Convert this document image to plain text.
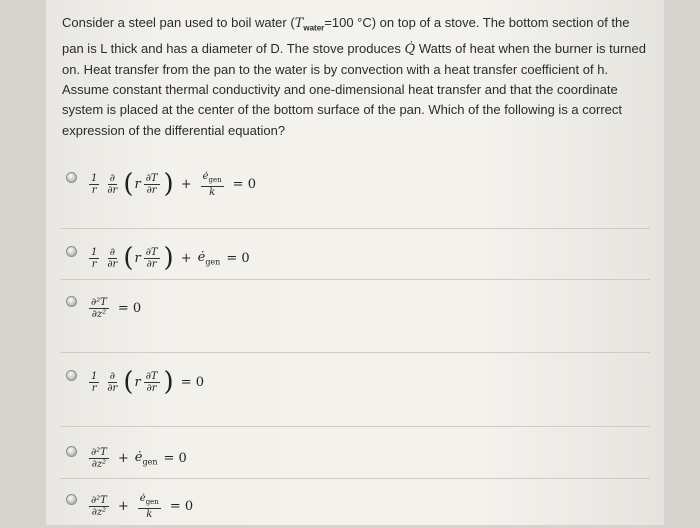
Consider a steel pan used to boil water ($T_{water}=100$ °C) on top of a stove. The bottom section of the pan is L thick and has a diameter of D. The stove produces Q̇ Watts of heat when the burner is turned on. Heat transfer from the pan to the water is by convection with a heat transfer coefficient of h. Assume constant thermal conductivity and one-dimensional heat transfer and that the coordinate system is placed at the center of the bottom surface of the pan. Which of the following is a correct expression of the differential equation?
$\frac{1}{r} \frac{\partial}{\partial r}$ ( r $\frac{\partial T}{\partial r}$ ) + $\frac{ė_{gen}}{k} = 0$
$\frac{1}{r} \frac{\partial}{\partial r}$ ( r $\frac{\partial T}{\partial r}$ ) + $ė_{gen} = 0$
$\frac{\text{∂²T}}{\text{∂z²}} = 0$
$\frac{1}{r} \frac{\partial}{\partial r}$ ( r $\frac{\partial T}{\partial r}$ ) = 0
$\frac{\text{∂²T}}{\text{∂z²}}$ + $ė_{gen} = 0$
$\frac{\text{∂²T}}{\text{∂z²}} + \frac{ė_{gen}}{k} = 0$
